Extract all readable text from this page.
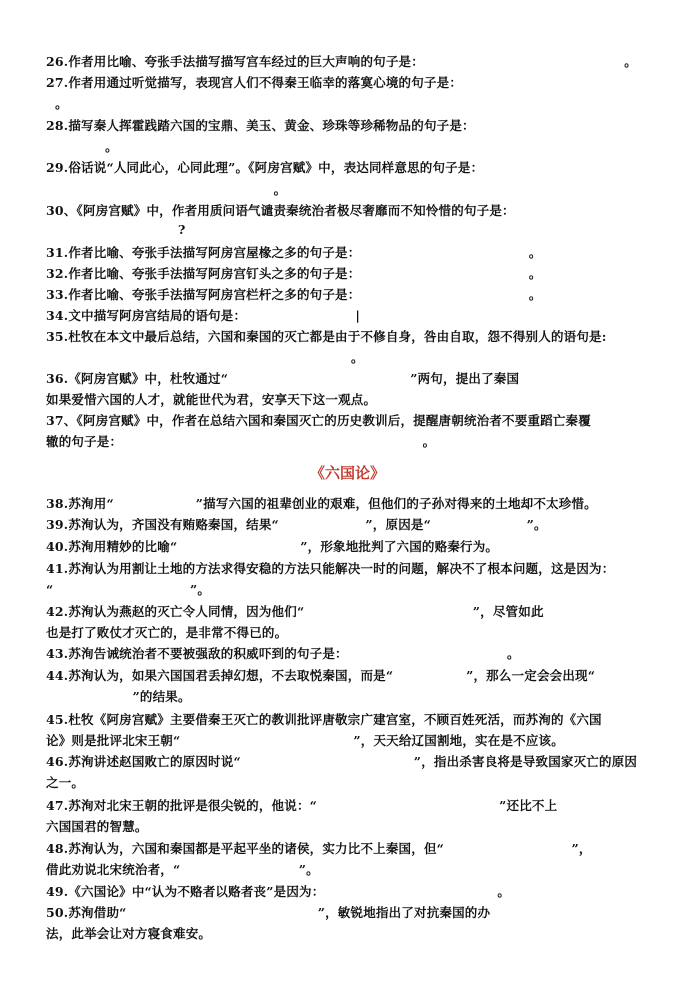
26.作者用比喻、夸张手法描写描写宫车经过的巨大声响的句子是：                                            。
27.作者用通过听觉描写，表现宫人们不得秦王临幸的落寞心境的句子是：
。
28.描写秦人挥霍践踏六国的宝鼎、美玉、黄金、珍珠等珍稀物品的句子是：
。
29.俗话说“人同此心，心同此理”。《阿房宫赋》中，表达同样意思的句子是：
。
30、《阿房宫赋》中，作者用质问语气谴责秦统治者极尽奢靡而不知怜惜的句子是：
?
31.作者比喻、夸张手法描写阿房宫屋椽之多的句子是：                                     。
32.作者比喻、夸张手法描写阿房宫钉头之多的句子是：                                     。
33.作者比喻、夸张手法描写阿房宫栏杆之多的句子是：                                     。
34.文中描写阿房宫结局的语句是：                        |
35.杜牧在本文中最后总结，六国和秦国的灭亡都是由于不修自身，咎由自取，怨不得别人的语句是:
。
36.《阿房宫赋》中，杜牧通过“                                        ”两句，提出了秦国
如果爱惜六国的人才，就能世代为君，安享天下这一观点。
37、《阿房宫赋》中，作者在总结六国和秦国灭亡的历史教训后，提醒唐朝统治者不要重蹈亡秦覆
辙的句子是：                                                                  。
《六国论》
38.苏洵用“                  ”描写六国的祖辈创业的艰难，但他们的子孙对得来的土地却不太珍惜。
39.苏洵认为，齐国没有贿赂秦国，结果“                   ”，原因是“                     ”。
40.苏洵用精妙的比喻“                           ”，形象地批判了六国的赂秦行为。
41.苏洵认为用割让土地的方法求得安稳的方法只能解决一时的问题，解决不了根本问题，这是因为：
“                              ”。
42.苏洵认为燕赵的灭亡令人同情，因为他们“                                     ”，尽管如此
也是打了败仗才灭亡的，是非常不得已的。
43.苏洵告诫统治者不要被强敌的积威吓到的句子是：                                   。
44.苏洵认为，如果六国国君丢掉幻想，不去取悦秦国，而是“                ”，那么一定会会出现“
”的结果。
45.杜牧《阿房宫赋》主要借秦王灭亡的教训批评唐敬宗广建宫室，不顾百姓死活，而苏洵的《六国
论》则是批评北宋王朝“                                      ”，天天给辽国割地，实在是不应该。
46.苏洵讲述赵国败亡的原因时说“                                      ”，指出杀害良将是导致国家灭亡的原因
之一。
47.苏洵对北宋王朝的批评是很尖锐的，他说：“                                        ”还比不上
六国国君的智慧。
48.苏洵认为，六国和秦国都是平起平坐的诸侯，实力比不上秦国，但“                            ”，
借此劝说北宋统治者，“                          ”。
49.《六国论》中“认为不赂者以赂者丧”是因为：                                      。
50.苏洵借助“                                          ”，敏锐地指出了对抗秦国的办
法，此举会让对方寝食难安。
